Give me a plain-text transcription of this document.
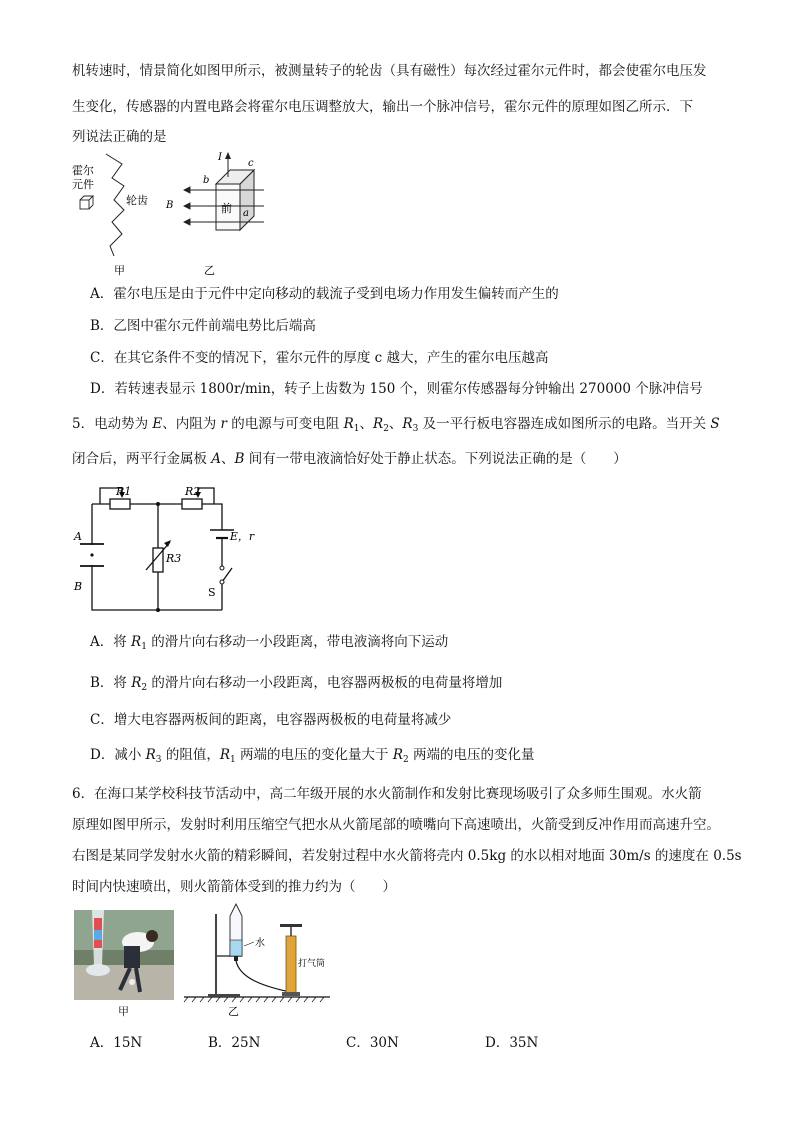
机转速时，情景简化如图甲所示，被测量转子的轮齿（具有磁性）每次经过霍尔元件时，都会使霍尔电压发
生变化，传感器的内置电路会将霍尔电压调整放大，输出一个脉冲信号，霍尔元件的原理如图乙所示．下
列说法正确的是
霍尔
元件
轮齿
甲
I
B
b
c
a
前
乙
A．霍尔电压是由于元件中定向移动的载流子受到电场力作用发生偏转而产生的
B．乙图中霍尔元件前端电势比后端高
C．在其它条件不变的情况下，霍尔元件的厚度 c 越大，产生的霍尔电压越高
D．若转速表显示 1800r/min，转子上齿数为 150 个，则霍尔传感器每分钟输出 270000 个脉冲信号
5．电动势为 E、内阻为 r 的电源与可变电阻 $R_1$、$R_2$、$R_3$ 及一平行板电容器连成如图所示的电路。当开关 S
闭合后，两平行金属板 A、B 间有一带电液滴恰好处于静止状态。下列说法正确的是（　　）
R1	R2
R3
E，r
A
B	S
A．将 $R_1$ 的滑片向右移动一小段距离，带电液滴将向下运动
B．将 $R_2$ 的滑片向右移动一小段距离，电容器两极板的电荷量将增加
C．增大电容器两板间的距离，电容器两极板的电荷量将减少
D．减小 $R_3$ 的阻值，$R_1$ 两端的电压的变化量大于 $R_2$ 两端的电压的变化量
6．在海口某学校科技节活动中，高二年级开展的水火箭制作和发射比赛现场吸引了众多师生围观。水火箭
原理如图甲所示，发射时利用压缩空气把水从火箭尾部的喷嘴向下高速喷出，火箭受到反冲作用而高速升空。
右图是某同学发射水火箭的精彩瞬间，若发射过程中水火箭将壳内 0.5kg 的水以相对地面 30m/s 的速度在 0.5s
时间内快速喷出，则火箭箭体受到的推力约为（　　）
甲
水
打气筒
乙
A．15N	B．25N	C．30N	D．35N
